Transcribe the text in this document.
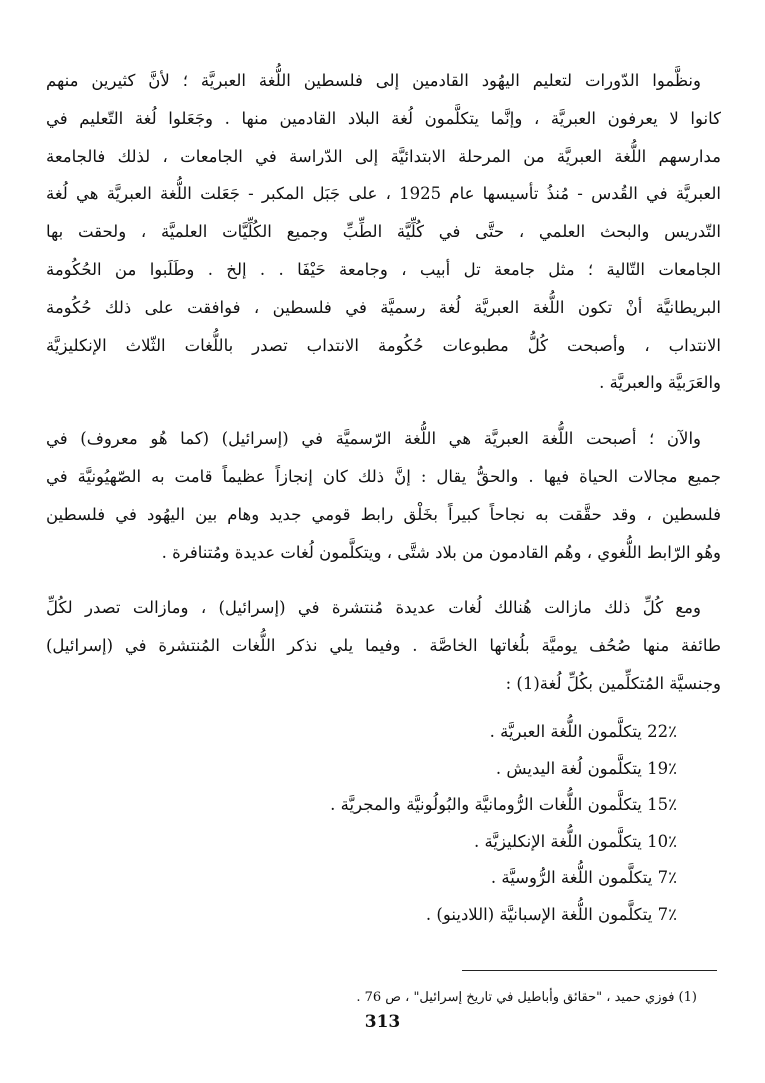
ونظَّموا الدّورات لتعليم اليهُود القادمين إلى فلسطين اللُّغة العبريَّة ؛ لأنَّ كثيرين منهم
كانوا لا يعرفون العبريَّة ، وإنَّما يتكلَّمون لُغة البلاد القادمين منها . وجَعَلوا لُغة التّعليم في
مدارسهم اللُّغة العبريَّة من المرحلة الابتدائيَّة إلى الدّراسة في الجامعات ، لذلك فالجامعة
العبريَّة في القُدس - مُنذُ تأسيسها عام 1925 ، على جَبَل المكبر - جَعَلت اللُّغة العبريَّة هي لُغة
التّدريس والبحث العلمي ، حتَّى في كُلِّيَّة الطِّبِّ وجميع الكُلِّيَّات العلميَّة ، ولحقت بها
الجامعات التّالية ؛ مثل جامعة تل أبيب ، وجامعة حَيْفَا . . إلخ . وطَلَبوا من الحُكُومة
البريطانيَّة أنْ تكون اللُّغة العبريَّة لُغة رسميَّة في فلسطين ، فوافقت على ذلك حُكُومة
الانتداب ، وأصبحت كُلُّ مطبوعات حُكُومة الانتداب تصدر باللُّغات الثّلاث الإنكليزيَّة
والعَرَبيَّة والعبريَّة .
والآن ؛ أصبحت اللُّغة العبريَّة هي اللُّغة الرّسميَّة في (إسرائيل) (كما هُو معروف) في
جميع مجالات الحياة فيها . والحقُّ يقال : إنَّ ذلك كان إنجازاً عظيماً قامت به الصّهيُونيَّة في
فلسطين ، وقد حقَّقت به نجاحاً كبيراً بخَلْق رابط قومي جديد وهام بين اليهُود في فلسطين
وهُو الرّابط اللُّغوي ، وهُم القادمون من بلاد شتَّى ، ويتكلَّمون لُغات عديدة ومُتنافرة .
ومع كُلِّ ذلك مازالت هُنالك لُغات عديدة مُنتشرة في (إسرائيل) ، ومازالت تصدر لكُلِّ
طائفة منها صُحُف يوميَّة بلُغاتها الخاصَّة . وفيما يلي نذكر اللُّغات المُنتشرة في (إسرائيل)
وجنسيَّة المُتكلِّمين بكُلِّ لُغة(1) :
22٪ يتكلَّمون اللُّغة العبريَّة .
19٪ يتكلَّمون لُغة اليديش .
15٪ يتكلَّمون اللُّغات الرُّومانيَّة والبُولُونيَّة والمجريَّة .
10٪ يتكلَّمون اللُّغة الإنكليزيَّة .
7٪ يتكلَّمون اللُّغة الرُّوسيَّة .
7٪ يتكلَّمون اللُّغة الإسبانيَّة (اللادينو) .
(1) فوزي حميد ، "حقائق وأباطيل في تاريخ إسرائيل" ، ص 76 .
313
